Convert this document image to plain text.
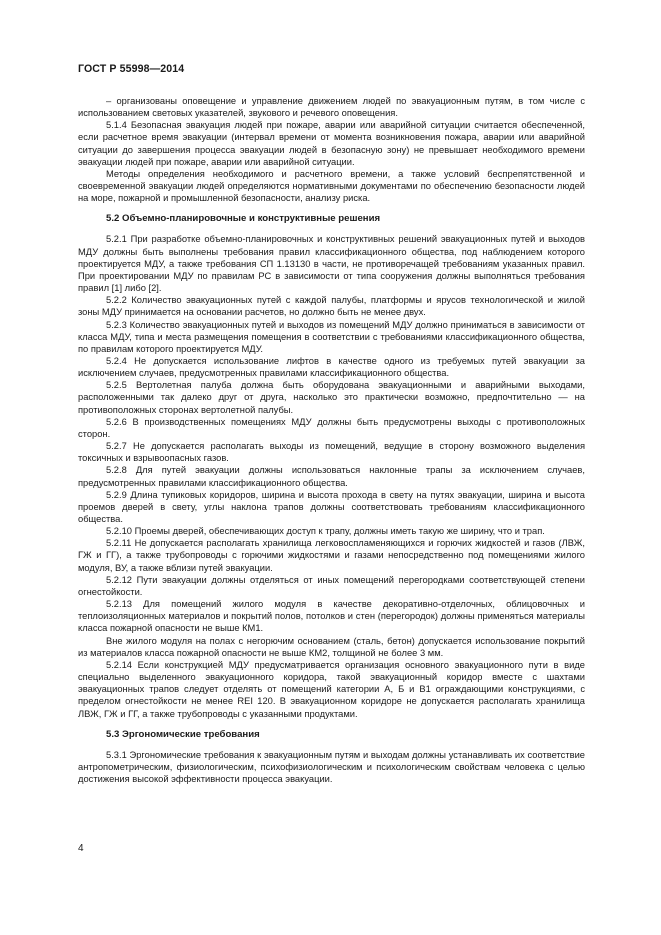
ГОСТ Р 55998—2014

– организованы оповещение и управление движением людей по эвакуационным путям, в том числе с использованием световых указателей, звукового и речевого оповещения.

5.1.4 Безопасная эвакуация людей при пожаре, аварии или аварийной ситуации считается обеспеченной, если расчетное время эвакуации (интервал времени от момента возникновения пожара, аварии или аварийной ситуации до завершения процесса эвакуации людей в безопасную зону) не превышает необходимого времени эвакуации людей при пожаре, аварии или аварийной ситуации.

Методы определения необходимого и расчетного времени, а также условий беспрепятственной и своевременной эвакуации людей определяются нормативными документами по обеспечению безопасности людей на море, пожарной и промышленной безопасности, анализу риска.

5.2 Объемно-планировочные и конструктивные решения

5.2.1 При разработке объемно-планировочных и конструктивных решений эвакуационных путей и выходов МДУ должны быть выполнены требования правил классификационного общества, под наблюдением которого проектируется МДУ, а также требования СП 1.13130 в части, не противоречащей требованиям указанных правил. При проектировании МДУ по правилам PC в зависимости от типа сооружения должны выполняться требования правил [1] либо [2].

5.2.2 Количество эвакуационных путей с каждой палубы, платформы и ярусов технологической и жилой зоны МДУ принимается на основании расчетов, но должно быть не менее двух.

5.2.3 Количество эвакуационных путей и выходов из помещений МДУ должно приниматься в зависимости от класса МДУ, типа и места размещения помещения в соответствии с требованиями классификационного общества, по правилам которого проектируется МДУ.

5.2.4 Не допускается использование лифтов в качестве одного из требуемых путей эвакуации за исключением случаев, предусмотренных правилами классификационного общества.

5.2.5 Вертолетная палуба должна быть оборудована эвакуационными и аварийными выходами, расположенными так далеко друг от друга, насколько это практически возможно, предпочтительно — на противоположных сторонах вертолетной палубы.

5.2.6 В производственных помещениях МДУ должны быть предусмотрены выходы с противоположных сторон.

5.2.7 Не допускается располагать выходы из помещений, ведущие в сторону возможного выделения токсичных и взрывоопасных газов.

5.2.8 Для путей эвакуации должны использоваться наклонные трапы за исключением случаев, предусмотренных правилами классификационного общества.

5.2.9 Длина тупиковых коридоров, ширина и высота прохода в свету на путях эвакуации, ширина и высота проемов дверей в свету, углы наклона трапов должны соответствовать требованиям классификационного общества.

5.2.10 Проемы дверей, обеспечивающих доступ к трапу, должны иметь такую же ширину, что и трап.

5.2.11 Не допускается располагать хранилища легковоспламеняющихся и горючих жидкостей и газов (ЛВЖ, ГЖ и ГГ), а также трубопроводы с горючими жидкостями и газами непосредственно под помещениями жилого модуля, ВУ, а также вблизи путей эвакуации.

5.2.12 Пути эвакуации должны отделяться от иных помещений перегородками соответствующей степени огнестойкости.

5.2.13 Для помещений жилого модуля в качестве декоративно-отделочных, облицовочных и теплоизоляционных материалов и покрытий полов, потолков и стен (перегородок) должны применяться материалы класса пожарной опасности не выше КМ1.

Вне жилого модуля на полах с негорючим основанием (сталь, бетон) допускается использование покрытий из материалов класса пожарной опасности не выше КМ2, толщиной не более 3 мм.

5.2.14 Если конструкцией МДУ предусматривается организация основного эвакуационного пути в виде специально выделенного эвакуационного коридора, такой эвакуационный коридор вместе с шахтами эвакуационных трапов следует отделять от помещений категории А, Б и В1 ограждающими конструкциями, с пределом огнестойкости не менее REI 120. В эвакуационном коридоре не допускается располагать хранилища ЛВЖ, ГЖ и ГГ, а также трубопроводы с указанными продуктами.

5.3 Эргономические требования

5.3.1 Эргономические требования к эвакуационным путям и выходам должны устанавливать их соответствие антропометрическим, физиологическим, психофизиологическим и психологическим свойствам человека с целью достижения высокой эффективности процесса эвакуации.

4
